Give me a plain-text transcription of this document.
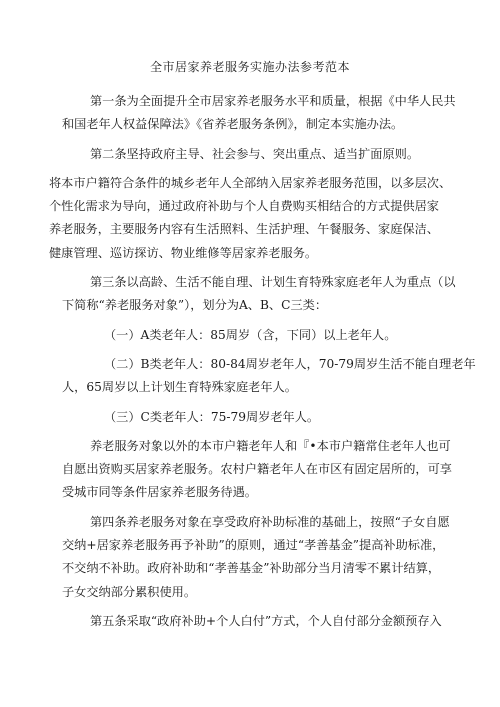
全市居家养老服务实施办法参考范本
第一条为全面提升全市居家养老服务水平和质量，根据《中华人民共
和国老年人权益保障法》《省养老服务条例》，制定本实施办法。
第二条坚持政府主导、社会参与、突出重点、适当扩面原则。
将本市户籍符合条件的城乡老年人全部纳入居家养老服务范围，以多层次、
个性化需求为导向，通过政府补助与个人自费购买相结合的方式提供居家
养老服务，主要服务内容有生活照料、生活护理、午餐服务、家庭保洁、
健康管理、巡访探访、物业维修等居家养老服务。
第三条以高龄、生活不能自理、计划生育特殊家庭老年人为重点（以
下简称“养老服务对象”），划分为A、B、C三类：
（一）A类老年人：85周岁（含，下同）以上老年人。
（二）B类老年人：80-84周岁老年人，70-79周岁生活不能自理老年
人，65周岁以上计划生育特殊家庭老年人。
（三）C类老年人：75-79周岁老年人。
养老服务对象以外的本市户籍老年人和『•本市户籍常住老年人也可
自愿出资购买居家养老服务。农村户籍老年人在市区有固定居所的，可享
受城市同等条件居家养老服务待遇。
第四条养老服务对象在享受政府补助标准的基础上，按照“子女自愿
交纳+居家养老服务再予补助”的原则，通过“孝善基金”提高补助标准，
不交纳不补助。政府补助和“孝善基金”补助部分当月清零不累计结算，
子女交纳部分累积使用。
第五条采取“政府补助+个人白付”方式，个人自付部分金额预存入
